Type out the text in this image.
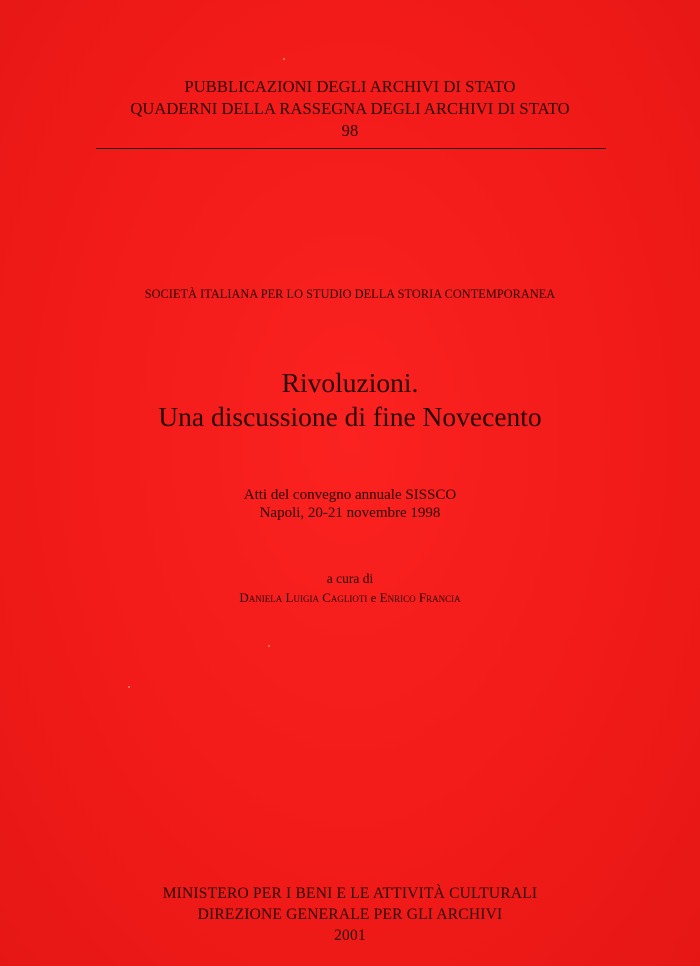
PUBBLICAZIONI DEGLI ARCHIVI DI STATO
QUADERNI DELLA RASSEGNA DEGLI ARCHIVI DI STATO
98
SOCIETÀ ITALIANA PER LO STUDIO DELLA STORIA CONTEMPORANEA
Rivoluzioni.
Una discussione di fine Novecento
Atti del convegno annuale SISSCO
Napoli, 20-21 novembre 1998
a cura di
Daniela Luigia Caglioti e Enrico Francia
MINISTERO PER I BENI E LE ATTIVITÀ CULTURALI
DIREZIONE GENERALE PER GLI ARCHIVI
2001
